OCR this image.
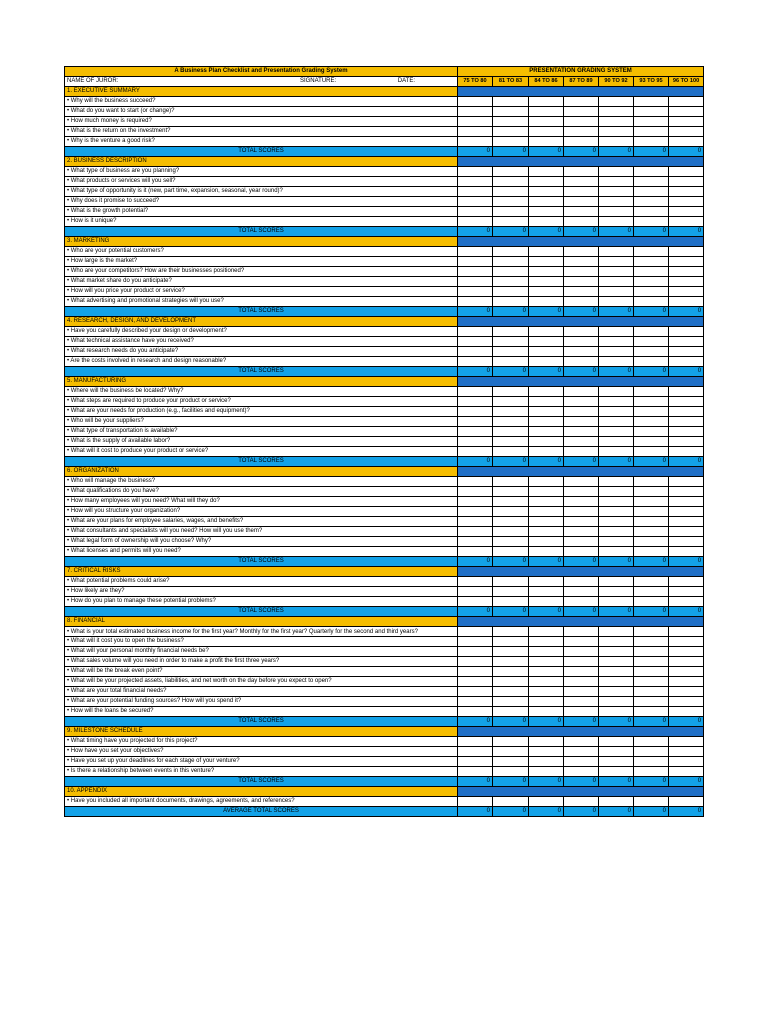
A Business Plan Checklist and Presentation Grading System	PRESENTATION GRADING SYSTEM						

NAME OF JUROR: SIGNATURE: DATE:	75 TO 80	81 TO 83	84 TO 86	87 TO 89	90 TO 92	93 TO 95	96 TO 100
1. EXECUTIVE SUMMARY							
• Why will the business succeed?							
• What do you want to start (or change)?							
• How much money is required?							
• What is the return on the investment?							
• Why is the venture a good risk?							
TOTAL SCORES	0	0	0	0	0	0	0
2. BUSINESS DESCRIPTION							
• What type of business are you planning?							
• What products or services will you sell?							
• What type of opportunity is it (new, part time, expansion, seasonal, year round)?							
• Why does it promise to succeed?							
• What is the growth potential?							
• How is it unique?							
TOTAL SCORES	0	0	0	0	0	0	0
3. MARKETING							
• Who are your potential customers?							
• How large is the market?							
• Who are your competitors? How are their businesses positioned?							
• What market share do you anticipate?							
• How will you price your product or service?							
• What advertising and promotional strategies will you use?							
TOTAL SCORES	0	0	0	0	0	0	0
4. RESEARCH, DESIGN, AND DEVELOPMENT							
• Have you carefully described your design or development?							
• What technical assistance have you received?							
• What research needs do you anticipate?							
• Are the costs involved in research and design reasonable?							
TOTAL SCORES	0	0	0	0	0	0	0
5. MANUFACTURING							
• Where will the business be located? Why?							
• What steps are required to produce your product or service?							
• What are your needs for production (e.g., facilities and equipment)?							
• Who will be your suppliers?							
• What type of transportation is available?							
• What is the supply of available labor?							
• What will it cost to produce your product or service?							
TOTAL SCORES	0	0	0	0	0	0	0
6. ORGANIZATION							
• Who will manage the business?							
• What qualifications do you have?							
• How many employees will you need? What will they do?							
• How will you structure your organization?							
• What are your plans for employee salaries, wages, and benefits?							
• What consultants and specialists will you need? How will you use them?							
• What legal form of ownership will you choose? Why?							
• What licenses and permits will you need?							
TOTAL SCORES	0	0	0	0	0	0	0
7. CRITICAL RISKS							
• What potential problems could arise?							
• How likely are they?							
• How do you plan to manage these potential problems?							
TOTAL SCORES	0	0	0	0	0	0	0
8. FINANCIAL							
• What is your total estimated business income for the first year? Monthly for the first year? Quarterly for the second and third years?							
• What will it cost you to open the business?							
• What will your personal monthly financial needs be?							
• What sales volume will you need in order to make a profit the first three years?							
• What will be the break even point?							
• What will be your projected assets, liabilities, and net worth on the day before you expect to open?							
• What are your total financial needs?							
• What are your potential funding sources? How will you spend it?							
• How will the loans be secured?							
TOTAL SCORES	0	0	0	0	0	0	0
9. MILESTONE SCHEDULE							
• What timing have you projected for this project?							
• How have you set your objectives?							
• Have you set up your deadlines for each stage of your venture?							
• Is there a relationship between events in this venture?							
TOTAL SCORES	0	0	0	0	0	0	0
10. APPENDIX							
• Have you included all important documents, drawings, agreements, and references?							
AVERAGE TOTAL SCORES	0	0	0	0	0	0	0
